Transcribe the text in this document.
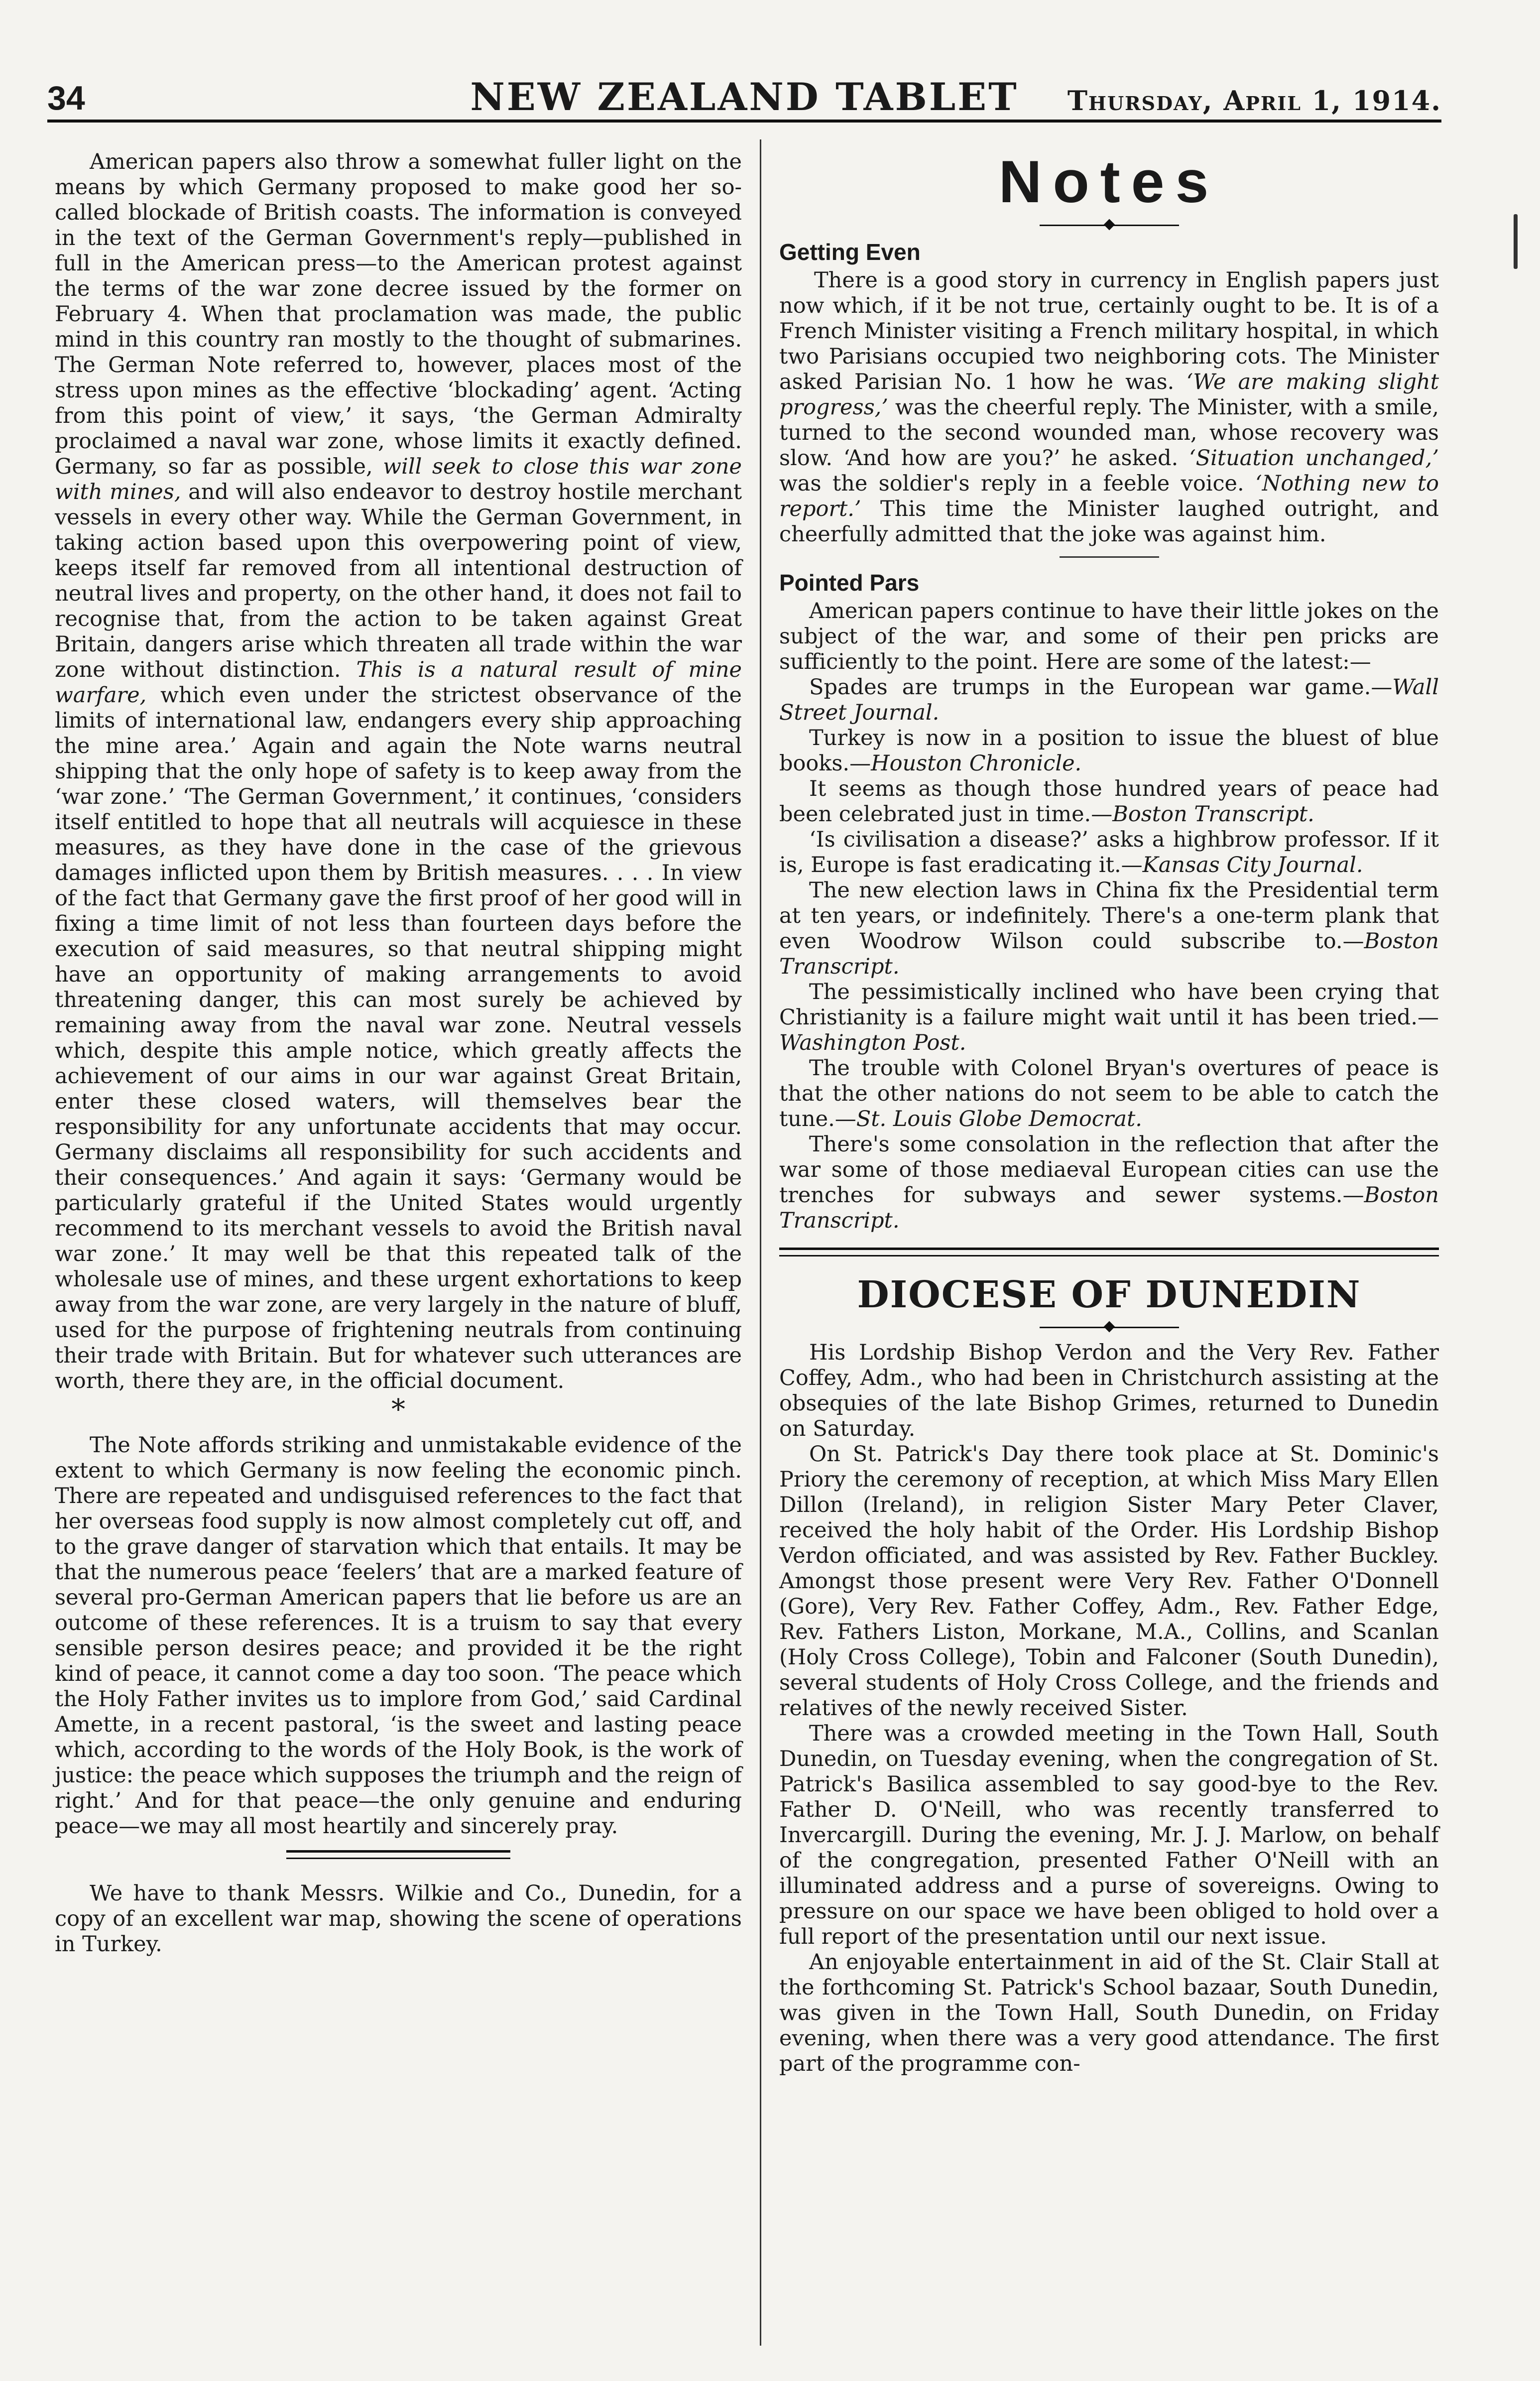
34	NEW ZEALAND TABLET	Thursday, April 1, 1914.

American papers also throw a somewhat fuller light on the means by which Germany proposed to make good her so-called blockade of British coasts. The information is conveyed in the text of the German Government's reply—published in full in the American press—to the American protest against the terms of the war zone decree issued by the former on February 4. When that proclamation was made, the public mind in this country ran mostly to the thought of submarines. The German Note referred to, however, places most of the stress upon mines as the effective ‘blockading’ agent. ‘Acting from this point of view,’ it says, ‘the German Admiralty proclaimed a naval war zone, whose limits it exactly defined. Germany, so far as possible, will seek to close this war zone with mines, and will also endeavor to destroy hostile merchant vessels in every other way. While the German Government, in taking action based upon this overpowering point of view, keeps itself far removed from all intentional destruction of neutral lives and property, on the other hand, it does not fail to recognise that, from the action to be taken against Great Britain, dangers arise which threaten all trade within the war zone without distinction. This is a natural result of mine warfare, which even under the strictest observance of the limits of international law, endangers every ship approaching the mine area.’ Again and again the Note warns neutral shipping that the only hope of safety is to keep away from the ‘war zone.’ ‘The German Government,’ it continues, ‘considers itself entitled to hope that all neutrals will acquiesce in these measures, as they have done in the case of the grievous damages inflicted upon them by British measures. . . . In view of the fact that Germany gave the first proof of her good will in fixing a time limit of not less than fourteen days before the execution of said measures, so that neutral shipping might have an opportunity of making arrangements to avoid threatening danger, this can most surely be achieved by remaining away from the naval war zone. Neutral vessels which, despite this ample notice, which greatly affects the achievement of our aims in our war against Great Britain, enter these closed waters, will themselves bear the responsibility for any unfortunate accidents that may occur. Germany disclaims all responsibility for such accidents and their consequences.’ And again it says: ‘Germany would be particularly grateful if the United States would urgently recommend to its merchant vessels to avoid the British naval war zone.’ It may well be that this repeated talk of the wholesale use of mines, and these urgent exhortations to keep away from the war zone, are very largely in the nature of bluff, used for the purpose of frightening neutrals from continuing their trade with Britain. But for whatever such utterances are worth, there they are, in the official document.

*

The Note affords striking and unmistakable evidence of the extent to which Germany is now feeling the economic pinch. There are repeated and undisguised references to the fact that her overseas food supply is now almost completely cut off, and to the grave danger of starvation which that entails. It may be that the numerous peace ‘feelers’ that are a marked feature of several pro-German American papers that lie before us are an outcome of these references. It is a truism to say that every sensible person desires peace; and provided it be the right kind of peace, it cannot come a day too soon. ‘The peace which the Holy Father invites us to implore from God,’ said Cardinal Amette, in a recent pastoral, ‘is the sweet and lasting peace which, according to the words of the Holy Book, is the work of justice: the peace which supposes the triumph and the reign of right.’ And for that peace—the only genuine and enduring peace—we may all most heartily and sincerely pray.

We have to thank Messrs. Wilkie and Co., Dunedin, for a copy of an excellent war map, showing the scene of operations in Turkey.

Notes
Getting Even

There is a good story in currency in English papers just now which, if it be not true, certainly ought to be. It is of a French Minister visiting a French military hospital, in which two Parisians occupied two neighboring cots. The Minister asked Parisian No. 1 how he was. ‘We are making slight progress,’ was the cheerful reply. The Minister, with a smile, turned to the second wounded man, whose recovery was slow. ‘And how are you?’ he asked. ‘Situation unchanged,’ was the soldier's reply in a feeble voice. ‘Nothing new to report.’ This time the Minister laughed outright, and cheerfully admitted that the joke was against him.

Pointed Pars

American papers continue to have their little jokes on the subject of the war, and some of their pen pricks are sufficiently to the point. Here are some of the latest:—

Spades are trumps in the European war game.—Wall Street Journal.

Turkey is now in a position to issue the bluest of blue books.—Houston Chronicle.

It seems as though those hundred years of peace had been celebrated just in time.—Boston Transcript.

‘Is civilisation a disease?’ asks a highbrow professor. If it is, Europe is fast eradicating it.—Kansas City Journal.

The new election laws in China fix the Presidential term at ten years, or indefinitely. There's a one-term plank that even Woodrow Wilson could subscribe to.—Boston Transcript.

The pessimistically inclined who have been crying that Christianity is a failure might wait until it has been tried.—Washington Post.

The trouble with Colonel Bryan's overtures of peace is that the other nations do not seem to be able to catch the tune.—St. Louis Globe Democrat.

There's some consolation in the reflection that after the war some of those mediaeval European cities can use the trenches for subways and sewer systems.—Boston Transcript.

DIOCESE OF DUNEDIN

His Lordship Bishop Verdon and the Very Rev. Father Coffey, Adm., who had been in Christchurch assisting at the obsequies of the late Bishop Grimes, returned to Dunedin on Saturday.

On St. Patrick's Day there took place at St. Dominic's Priory the ceremony of reception, at which Miss Mary Ellen Dillon (Ireland), in religion Sister Mary Peter Claver, received the holy habit of the Order. His Lordship Bishop Verdon officiated, and was assisted by Rev. Father Buckley. Amongst those present were Very Rev. Father O'Donnell (Gore), Very Rev. Father Coffey, Adm., Rev. Father Edge, Rev. Fathers Liston, Morkane, M.A., Collins, and Scanlan (Holy Cross College), Tobin and Falconer (South Dunedin), several students of Holy Cross College, and the friends and relatives of the newly received Sister.

There was a crowded meeting in the Town Hall, South Dunedin, on Tuesday evening, when the congregation of St. Patrick's Basilica assembled to say good-bye to the Rev. Father D. O'Neill, who was recently transferred to Invercargill. During the evening, Mr. J. J. Marlow, on behalf of the congregation, presented Father O'Neill with an illuminated address and a purse of sovereigns. Owing to pressure on our space we have been obliged to hold over a full report of the presentation until our next issue.

An enjoyable entertainment in aid of the St. Clair Stall at the forthcoming St. Patrick's School bazaar, South Dunedin, was given in the Town Hall, South Dunedin, on Friday evening, when there was a very good attendance. The first part of the programme con-
